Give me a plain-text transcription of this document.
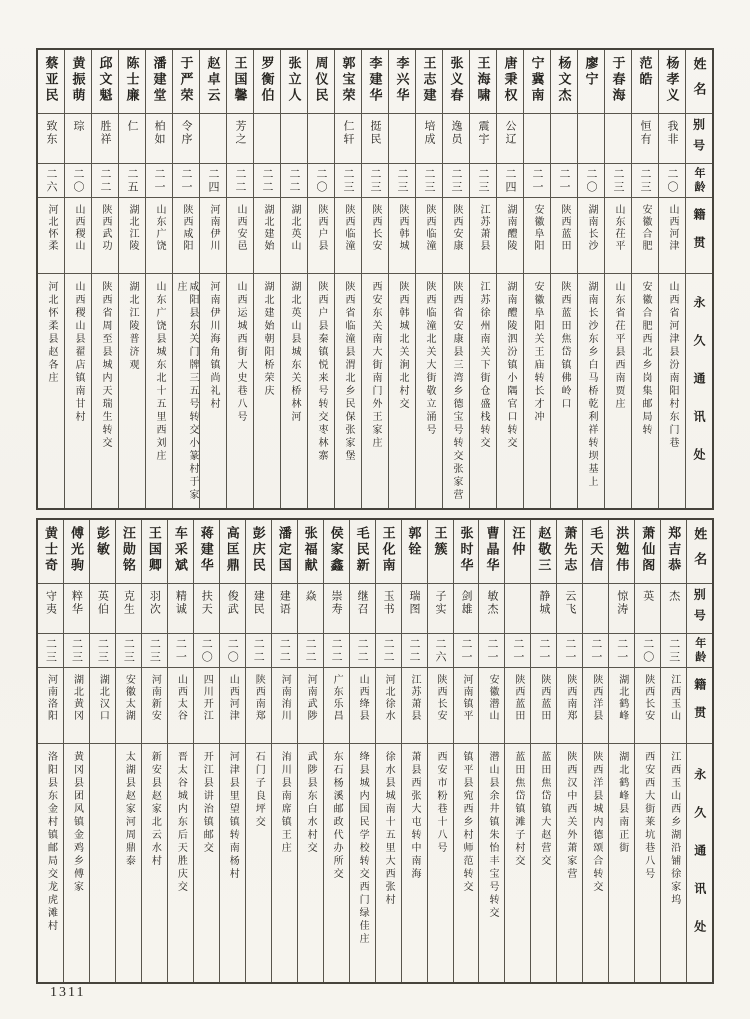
蔡亚民
致东
二六
河北怀柔
河北怀柔县赵各庄
黄振萌
琮
二〇
山西稷山
山西稷山县翟店镇南甘村
邱文魁
胜祥
二二
陕西武功
陕西省周至县城内天瑞生转交
陈士廉
仁
二五
湖北江陵
湖北江陵普济观
潘建堂
柏如
二一
山东广饶
山东广饶县城东北十五里西刘庄
于严荣
令序
二一
陕西咸阳
咸阳县东关门牌三五号转交小篆村于家庄
赵卓云
二四
河南伊川
河南伊川海角镇尚礼村
王国馨
芳之
二二
山西安邑
山西运城西街大史巷八号
罗衡伯
二二
湖北建始
湖北建始朝阳桥荣庆
张立人
二二
湖北英山
湖北英山县城东关桥林河
周仪民
二〇
陕西户县
陕西户县秦镇悦来号转交枣林寨
郭宝荣
仁轩
二三
陕西临潼
陕西省临潼县渭北乡民保张家堡
李建华
挺民
二三
陕西长安
西安东关南大街南门外王家庄
李兴华
二三
陕西韩城
陕西韩城北关涧北村交
王志建
培成
二三
陕西临潼
陕西临潼北关大街敬立涌号
张义春
逸员
二三
陕西安康
陕西省安康县三湾乡德宝号转交张家营
王海啸
震宇
二三
江苏萧县
江苏徐州南关下街仓盛栈转交
唐秉权
公辽
二四
湖南醴陵
湖南醴陵泗汾镇小隅官口转交
宁冀南
二一
安徽阜阳
安徽阜阳关王庙转长才冲
杨文杰
二一
陕西蓝田
陕西蓝田焦岱镇佛岭口
廖宁
二〇
湖南长沙
湖南长沙东乡白马桥乾利祥转坝基上
于春海
二三
山东茌平
山东省茌平县西南贾庄
范皓
恒有
二三
安徽合肥
安徽合肥西北乡岗集邮局转
杨孝义
我非
二〇
山西河津
山西省河津县汾南阳村东门巷
姓名
别号
年龄
籍贯
永久通讯处
黄士奇
守夷
二三
河南洛阳
洛阳县东金村镇邮局交龙虎滩村
傅光驹
粹华
二三
湖北黄冈
黄冈县团风镇金鸡乡傅家
彭敏
英伯
二三
湖北汉口
汪勋铭
克生
二三
安徽太湖
太湖县赵家河周鼎泰
王国卿
羽次
二三
河南新安
新安县赵家北云水村
车采斌
精诚
二一
山西太谷
晋太谷城内东后天胜庆交
蒋建华
扶天
二〇
四川开江
开江县讲治镇邮交
高匡鼎
俊武
二〇
山西河津
河津县里望镇转南杨村
彭庆民
建民
二二
陕西南郑
石门子良坪交
潘定国
建语
二二
河南洧川
洧川县南席镇王庄
张福献
焱
二二
河南武陟
武陟县东白水村交
侯家鑫
崇寿
二二
广东乐昌
东石杨溪邮政代办所交
毛民新
继召
二二
山西绛县
绛县城内国民学校转交西门绿佳庄
王化南
玉书
二二
河北徐水
徐水县城南十五里大西张村
郭铨
瑞图
二二
江苏萧县
萧县西张大屯转中南海
王簇
子实
二六
陕西长安
西安市粉巷十八号
张时华
剑雄
二一
河南镇平
镇平县宛西乡村师范转交
曹晶华
敏杰
二一
安徽潜山
潜山县余井镇朱怡丰宝号转交
汪仲
二一
陕西蓝田
蓝田焦岱镇滩子村交
赵敬三
静城
二一
陕西蓝田
蓝田焦岱镇大赵营交
萧先志
云飞
二一
陕西南郑
陕西汉中西关外萧家营
毛天信
二一
陕西洋县
陕西洋县城内德颂合转交
洪勉伟
惊涛
二一
湖北鹤峰
湖北鹤峰县南正街
萧仙阁
英
二〇
陕西长安
西安西大街莱坑巷八号
郑吉恭
杰
二三
江西玉山
江西玉山西乡湖沿铺徐家坞
姓名
别号
年龄
籍贯
永久通讯处
1311
